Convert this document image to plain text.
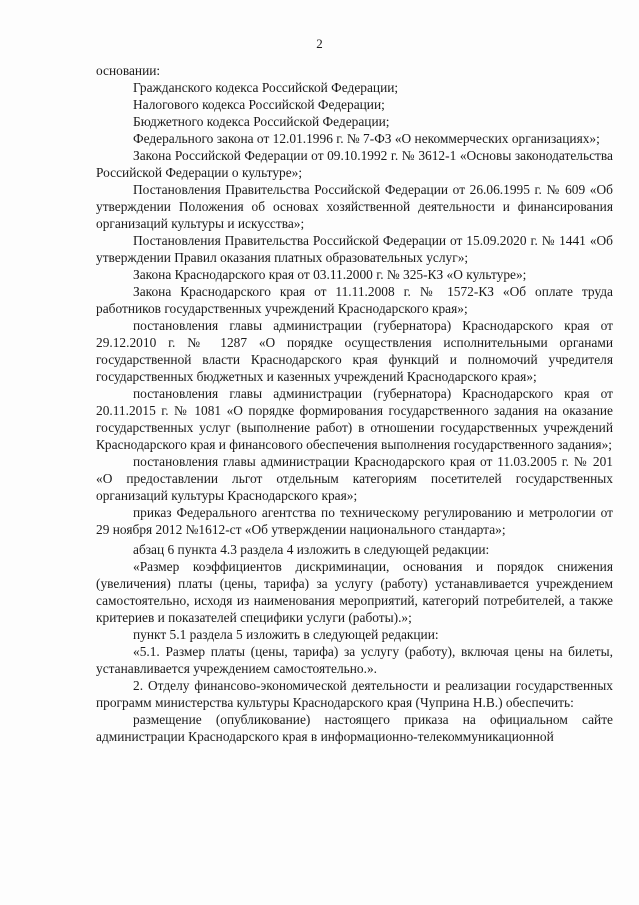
2

основании:

Гражданского кодекса Российской Федерации;

Налогового кодекса Российской Федерации;

Бюджетного кодекса Российской Федерации;

Федерального закона от 12.01.1996 г. № 7-ФЗ «О некоммерческих организациях»;

Закона Российской Федерации от 09.10.1992 г. № 3612-1 «Основы законодательства Российской Федерации о культуре»;

Постановления Правительства Российской Федерации от 26.06.1995 г. № 609 «Об утверждении Положения об основах хозяйственной деятельности и финансирования организаций культуры и искусства»;

Постановления Правительства Российской Федерации от 15.09.2020 г. № 1441 «Об утверждении Правил оказания платных образовательных услуг»;

Закона Краснодарского края от 03.11.2000 г. № 325-КЗ «О культуре»;

Закона Краснодарского края от 11.11.2008 г. № 1572-КЗ «Об оплате труда работников государственных учреждений Краснодарского края»;

постановления главы администрации (губернатора) Краснодарского края от 29.12.2010 г. № 1287 «О порядке осуществления исполнительными органами государственной власти Краснодарского края функций и полномочий учредителя государственных бюджетных и казенных учреждений Краснодарского края»;

постановления главы администрации (губернатора) Краснодарского края от 20.11.2015 г. № 1081 «О порядке формирования государственного задания на оказание государственных услуг (выполнение работ) в отношении государственных учреждений Краснодарского края и финансового обеспечения выполнения государственного задания»;

постановления главы администрации Краснодарского края от 11.03.2005 г. № 201 «О предоставлении льгот отдельным категориям посетителей государственных организаций культуры Краснодарского края»;

приказ Федерального агентства по техническому регулированию и метрологии от 29 ноября 2012 №1612-ст «Об утверждении национального стандарта»;

абзац 6 пункта 4.3 раздела 4 изложить в следующей редакции:

«Размер коэффициентов дискриминации, основания и порядок снижения (увеличения) платы (цены, тарифа) за услугу (работу) устанавливается учреждением самостоятельно, исходя из наименования мероприятий, категорий потребителей, а также критериев и показателей специфики услуги (работы).»;

пункт 5.1 раздела 5 изложить в следующей редакции:

«5.1. Размер платы (цены, тарифа) за услугу (работу), включая цены на билеты, устанавливается учреждением самостоятельно.».

2. Отделу финансово-экономической деятельности и реализации государственных программ министерства культуры Краснодарского края (Чуприна Н.В.) обеспечить:

размещение (опубликование) настоящего приказа на официальном сайте администрации Краснодарского края в информационно-телекоммуникационной
